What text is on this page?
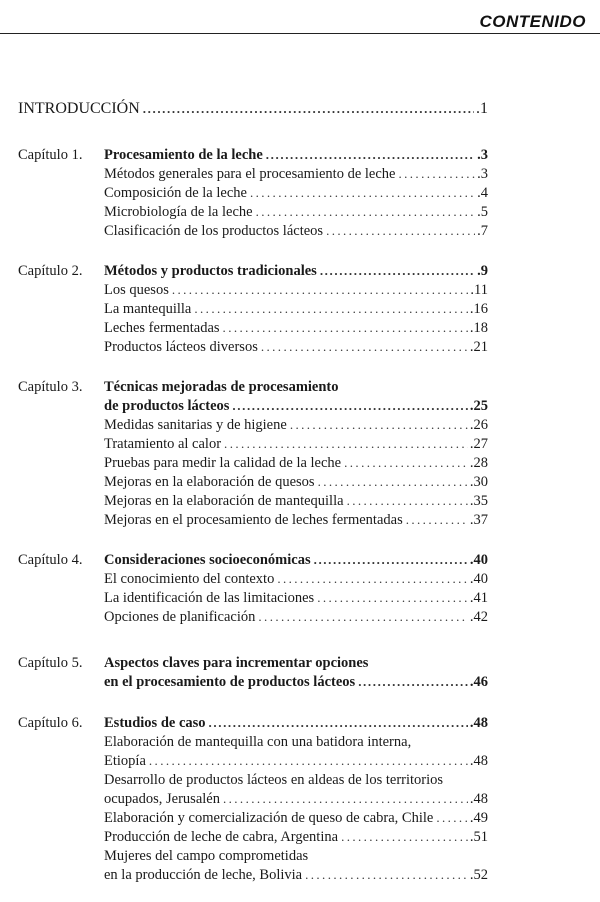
CONTENIDO
INTRODUCCIÓN .....	.1
Capítulo 1. Procesamiento de la leche .....	.3
Métodos generales para el procesamiento de leche .....	.3
Composición de la leche .....	.4
Microbiología de la leche .....	.5
Clasificación de los productos lácteos .....	.7
Capítulo 2. Métodos y productos tradicionales .....	.9
Los quesos .....	.11
La mantequilla .....	.16
Leches fermentadas .....	.18
Productos lácteos diversos .....	.21
Capítulo 3. Técnicas mejoradas de procesamiento
de productos lácteos .....	.25
Medidas sanitarias y de higiene .....	.26
Tratamiento al calor .....	.27
Pruebas para medir la calidad de la leche .....	.28
Mejoras en la elaboración de quesos .....	.30
Mejoras en la elaboración de mantequilla .....	.35
Mejoras en el procesamiento de leches fermentadas .....	.37
Capítulo 4. Consideraciones socioeconómicas .....	.40
El conocimiento del contexto .....	.40
La identificación de las limitaciones .....	.41
Opciones de planificación .....	.42
Capítulo 5. Aspectos claves para incrementar opciones
en el procesamiento de productos lácteos .....	.46
Capítulo 6. Estudios de caso .....	.48
Elaboración de mantequilla con una batidora interna,
Etiopía .....	.48
Desarrollo de productos lácteos en aldeas de los territorios
ocupados, Jerusalén .....	.48
Elaboración y comercialización de queso de cabra, Chile .....	.49
Producción de leche de cabra, Argentina .....	.51
Mujeres del campo comprometidas
en la producción de leche, Bolivia .....	.52
